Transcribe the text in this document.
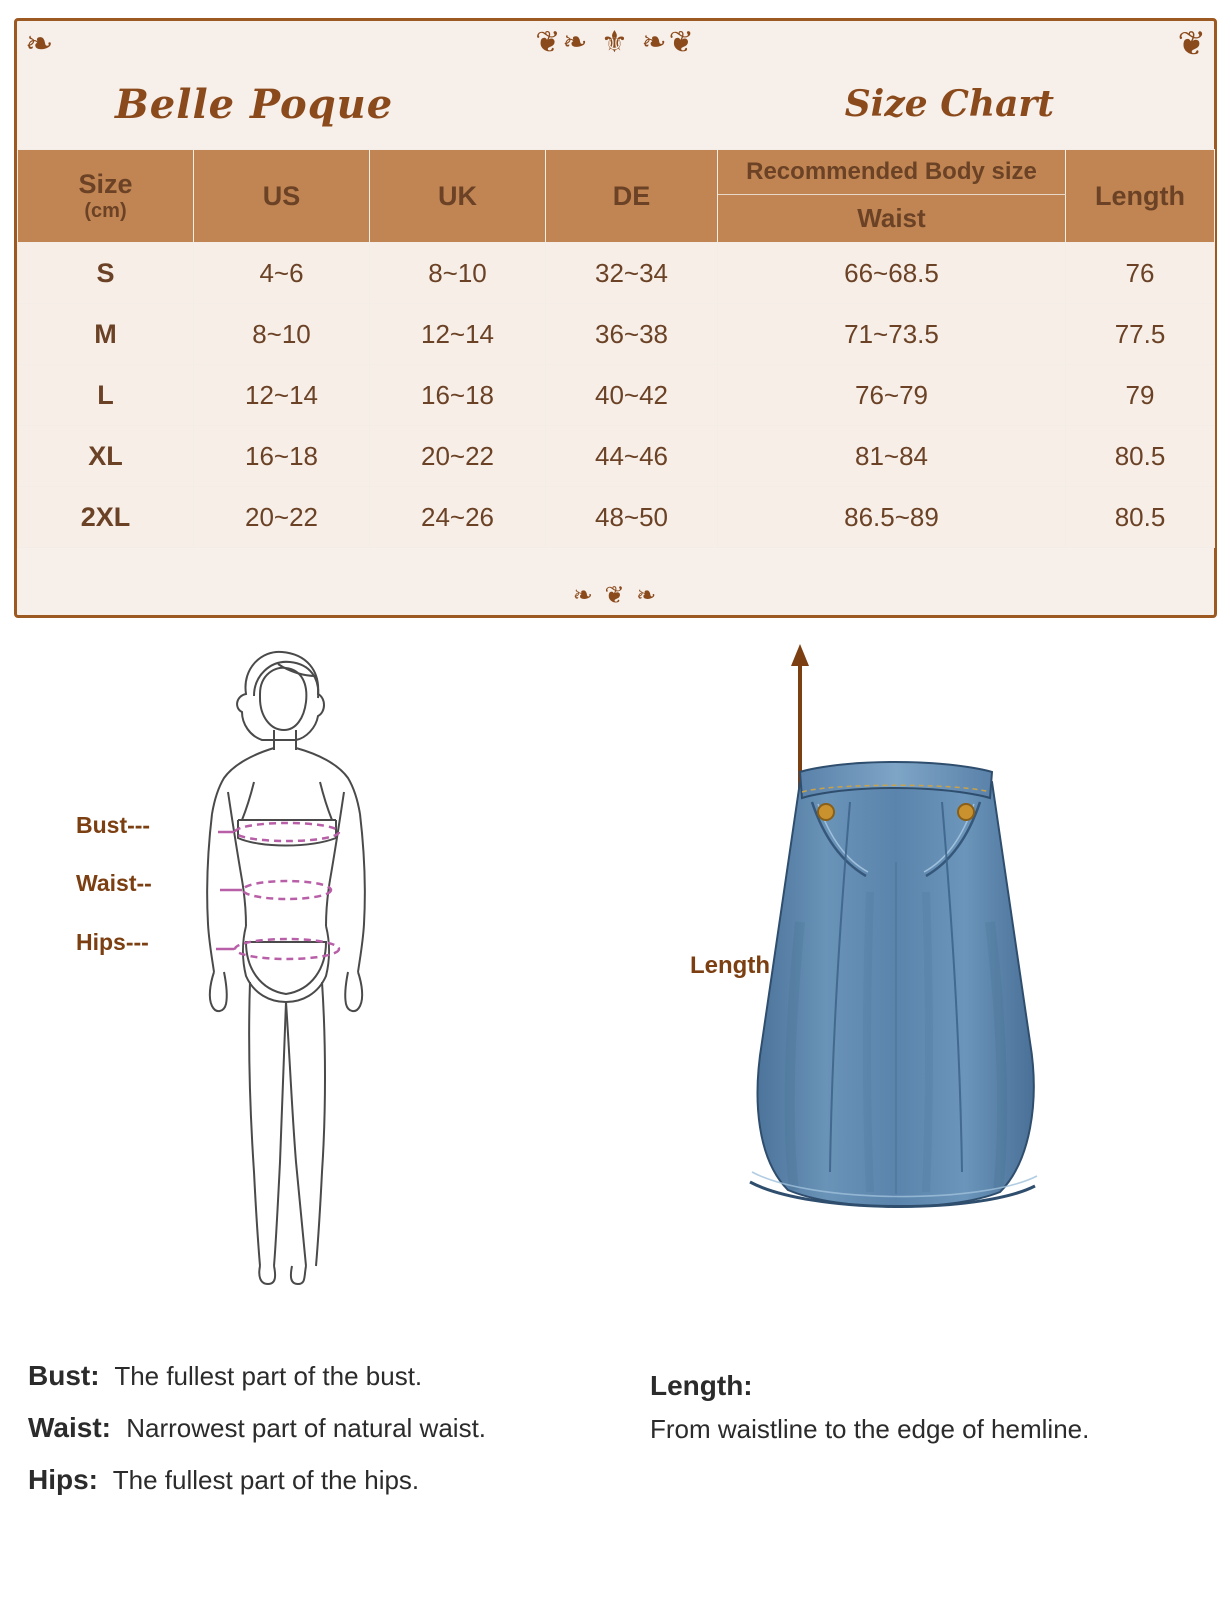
❦❧ ⚜ ❧❦
❧	❦
Belle Poque	Size Chart
Size
(cm)	US	UK	DE	Recommended Body size	Length
				Waist	
S	4~6	8~10	32~34	66~68.5	76
M	8~10	12~14	36~38	71~73.5	77.5
L	12~14	16~18	40~42	76~79	79
XL	16~18	20~22	44~46	81~84	80.5
2XL	20~22	24~26	48~50	86.5~89	80.5
❧ ❦ ❧
Bust---
Waist--
Hips---
Length
Bust: The fullest part of the bust.
Waist: Narrowest part of natural waist.
Hips: The fullest part of the hips.
Length:
From waistline to the edge of hemline.
